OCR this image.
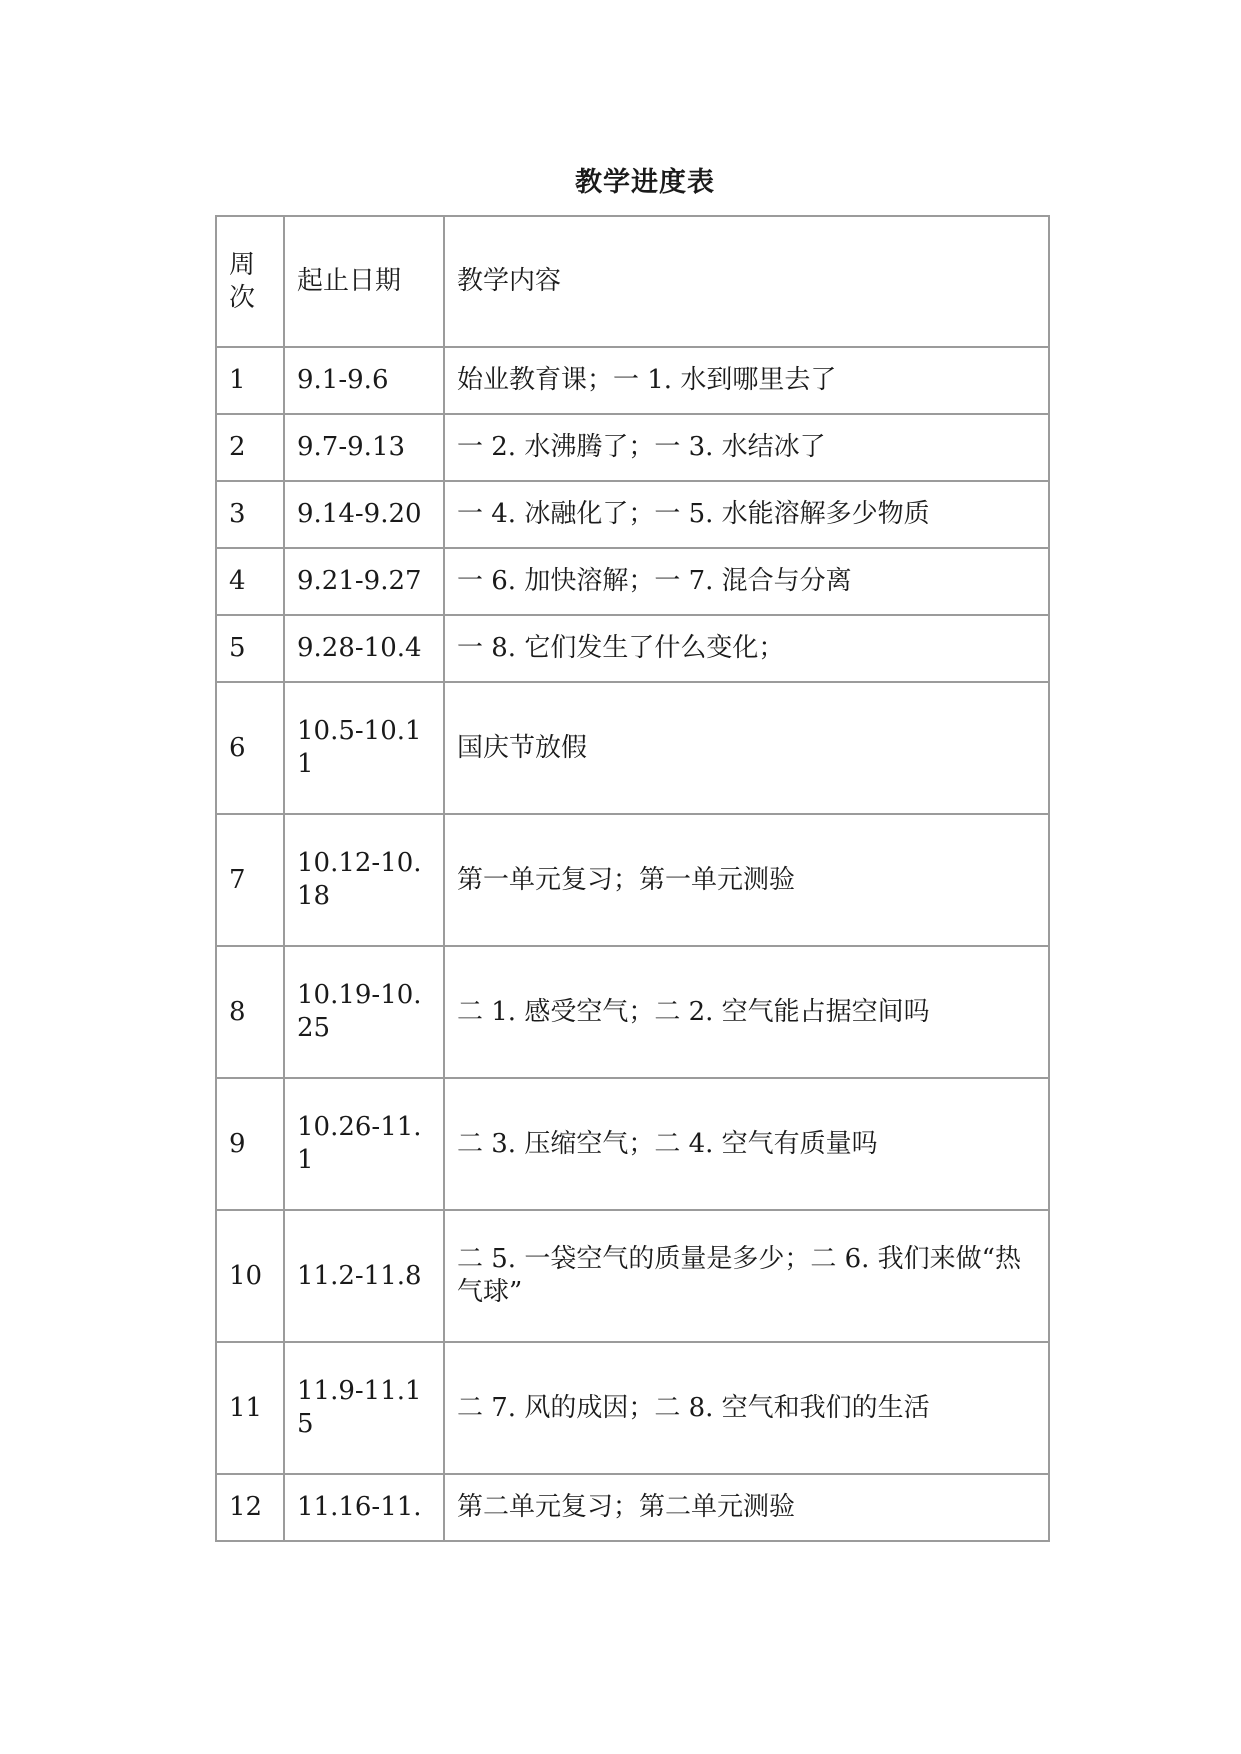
教学进度表
周次	起止日期	教学内容
1	9.1-9.6	始业教育课；一 1. 水到哪里去了
2	9.7-9.13	一 2. 水沸腾了；一 3. 水结冰了
3	9.14-9.20	一 4. 冰融化了；一 5. 水能溶解多少物质
4	9.21-9.27	一 6. 加快溶解；一 7. 混合与分离
5	9.28-10.4	一 8. 它们发生了什么变化；
6	10.5-10.11	国庆节放假
7	10.12-10.18	第一单元复习；第一单元测验
8	10.19-10.25	二 1. 感受空气；二 2. 空气能占据空间吗
9	10.26-11.1	二 3. 压缩空气；二 4. 空气有质量吗
10	11.2-11.8	二 5. 一袋空气的质量是多少；二 6. 我们来做“热气球”
11	11.9-11.15	二 7. 风的成因；二 8. 空气和我们的生活
12	11.16-11.	第二单元复习；第二单元测验
